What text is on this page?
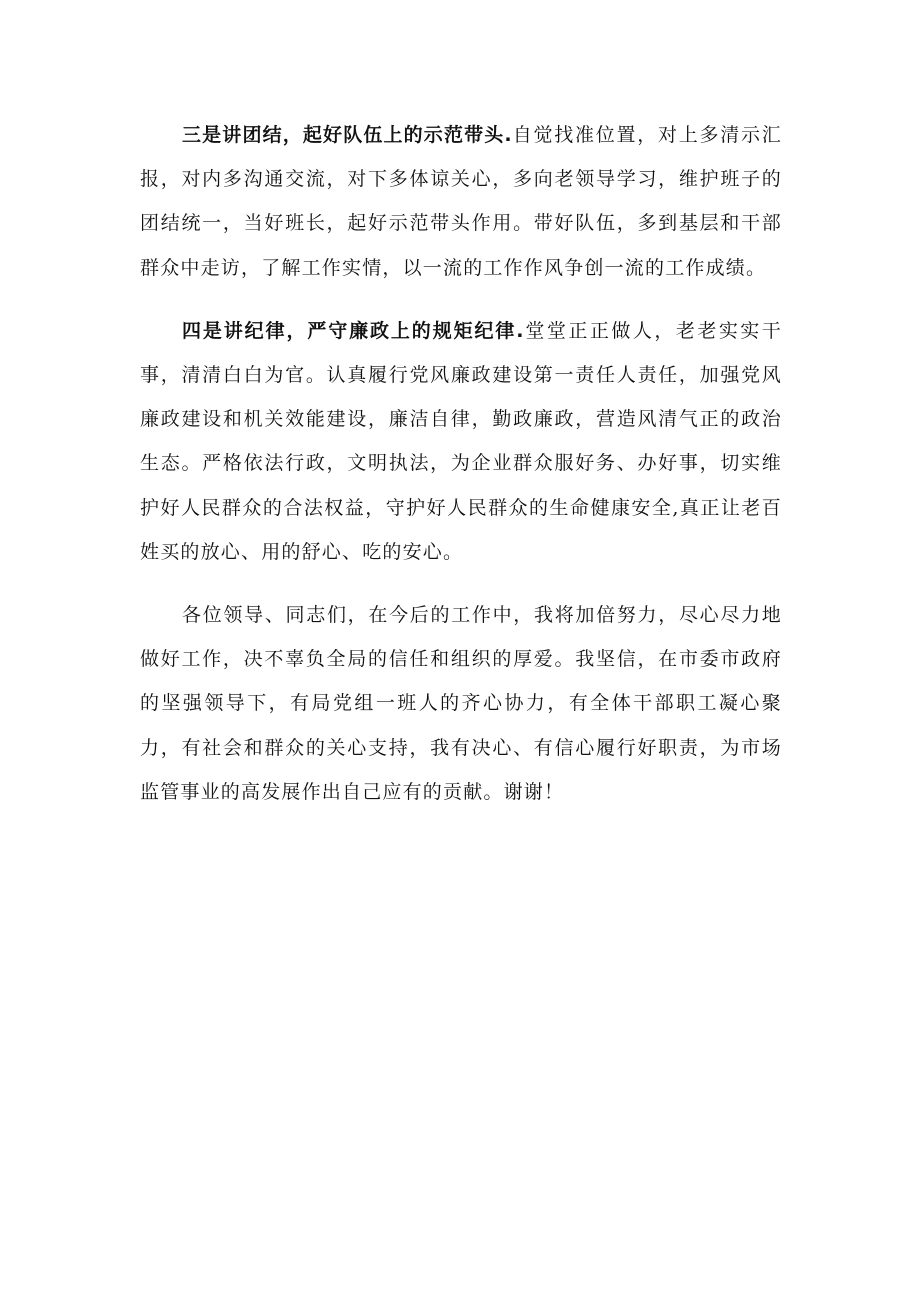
三是讲团结，起好队伍上的示范带头.自觉找准位置，对上多清示汇报，对内多沟通交流，对下多体谅关心，多向老领导学习，维护班子的团结统一，当好班长，起好示范带头作用。带好队伍，多到基层和干部群众中走访，了解工作实情，以一流的工作作风争创一流的工作成绩。

四是讲纪律，严守廉政上的规矩纪律.堂堂正正做人，老老实实干事，清清白白为官。认真履行党风廉政建设第一责任人责任，加强党风廉政建设和机关效能建设，廉洁自律，勤政廉政，营造风清气正的政治生态。严格依法行政，文明执法，为企业群众服好务、办好事，切实维护好人民群众的合法权益，守护好人民群众的生命健康安全,真正让老百姓买的放心、用的舒心、吃的安心。

各位领导、同志们，在今后的工作中，我将加倍努力，尽心尽力地做好工作，决不辜负全局的信任和组织的厚爱。我坚信，在市委市政府的坚强领导下，有局党组一班人的齐心协力，有全体干部职工凝心聚力，有社会和群众的关心支持，我有决心、有信心履行好职责，为市场监管事业的高发展作出自己应有的贡献。谢谢！
